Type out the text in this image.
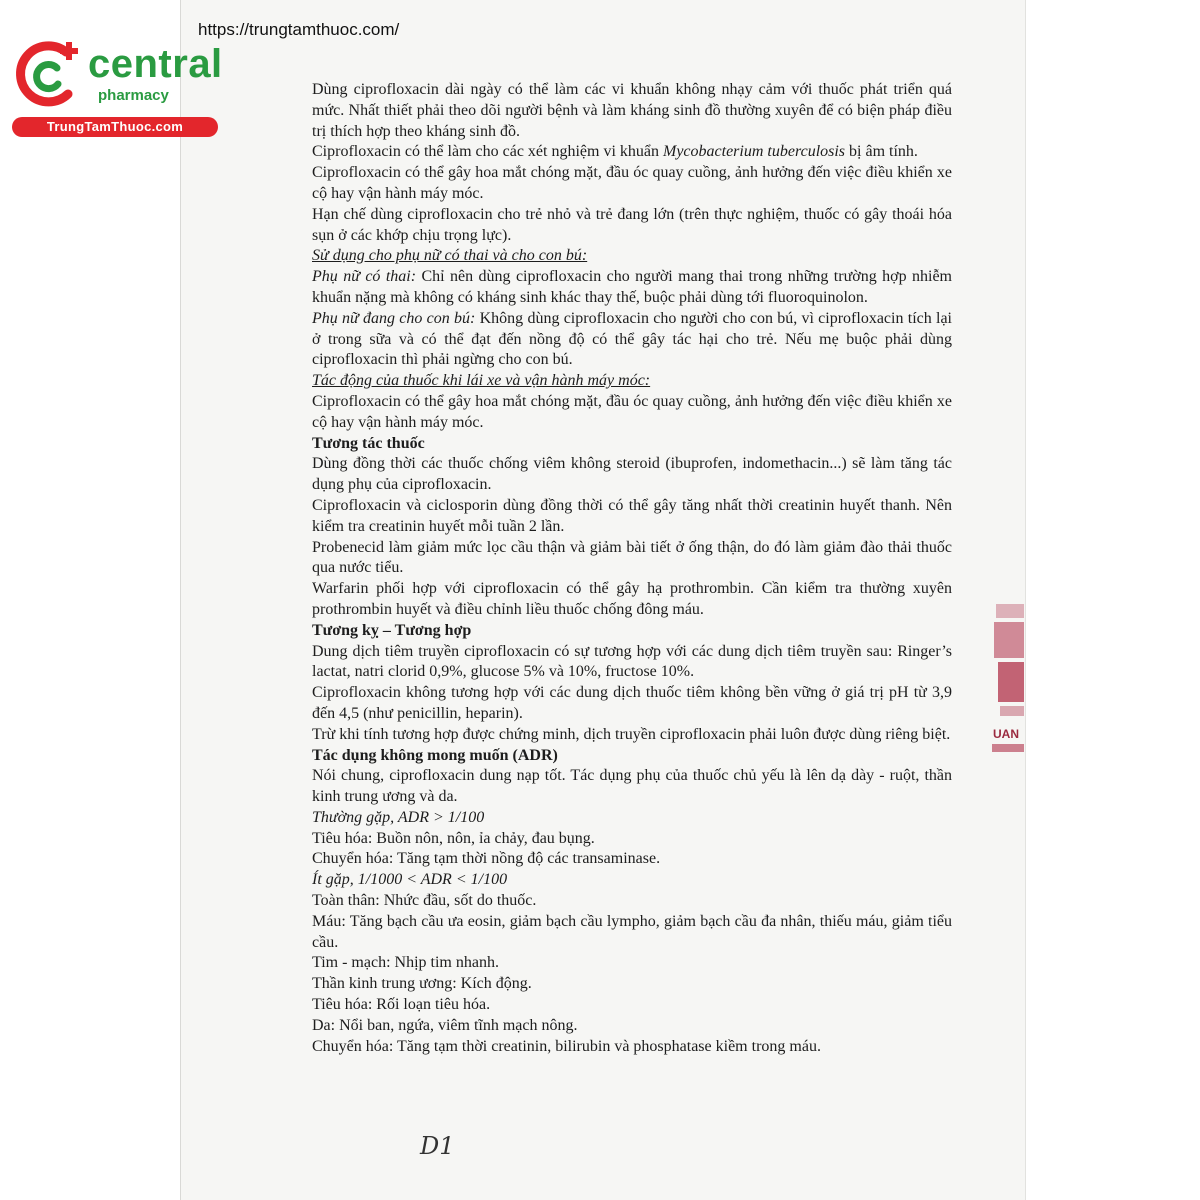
https://trungtamthuoc.com/
central
pharmacy
TrungTamThuoc.com

Dùng ciprofloxacin dài ngày có thể làm các vi khuẩn không nhạy cảm với thuốc phát triển quá mức. Nhất thiết phải theo dõi người bệnh và làm kháng sinh đồ thường xuyên để có biện pháp điều trị thích hợp theo kháng sinh đồ.

Ciprofloxacin có thể làm cho các xét nghiệm vi khuẩn Mycobacterium tuberculosis bị âm tính.

Ciprofloxacin có thể gây hoa mắt chóng mặt, đầu óc quay cuồng, ảnh hưởng đến việc điều khiển xe cộ hay vận hành máy móc.

Hạn chế dùng ciprofloxacin cho trẻ nhỏ và trẻ đang lớn (trên thực nghiệm, thuốc có gây thoái hóa sụn ở các khớp chịu trọng lực).

Sử dụng cho phụ nữ có thai và cho con bú:

Phụ nữ có thai: Chỉ nên dùng ciprofloxacin cho người mang thai trong những trường hợp nhiễm khuẩn nặng mà không có kháng sinh khác thay thế, buộc phải dùng tới fluoroquinolon.

Phụ nữ đang cho con bú: Không dùng ciprofloxacin cho người cho con bú, vì ciprofloxacin tích lại ở trong sữa và có thể đạt đến nồng độ có thể gây tác hại cho trẻ. Nếu mẹ buộc phải dùng ciprofloxacin thì phải ngừng cho con bú.

Tác động của thuốc khi lái xe và vận hành máy móc:

Ciprofloxacin có thể gây hoa mắt chóng mặt, đầu óc quay cuồng, ảnh hưởng đến việc điều khiển xe cộ hay vận hành máy móc.

Tương tác thuốc

Dùng đồng thời các thuốc chống viêm không steroid (ibuprofen, indomethacin...) sẽ làm tăng tác dụng phụ của ciprofloxacin.

Ciprofloxacin và ciclosporin dùng đồng thời có thể gây tăng nhất thời creatinin huyết thanh. Nên kiểm tra creatinin huyết mỗi tuần 2 lần.

Probenecid làm giảm mức lọc cầu thận và giảm bài tiết ở ống thận, do đó làm giảm đào thải thuốc qua nước tiểu.

Warfarin phối hợp với ciprofloxacin có thể gây hạ prothrombin. Cần kiểm tra thường xuyên prothrombin huyết và điều chỉnh liều thuốc chống đông máu.

Tương kỵ – Tương hợp

Dung dịch tiêm truyền ciprofloxacin có sự tương hợp với các dung dịch tiêm truyền sau: Ringer’s lactat, natri clorid 0,9%, glucose 5% và 10%, fructose 10%.

Ciprofloxacin không tương hợp với các dung dịch thuốc tiêm không bền vững ở giá trị pH từ 3,9 đến 4,5 (như penicillin, heparin).

Trừ khi tính tương hợp được chứng minh, dịch truyền ciprofloxacin phải luôn được dùng riêng biệt.

Tác dụng không mong muốn (ADR)

Nói chung, ciprofloxacin dung nạp tốt. Tác dụng phụ của thuốc chủ yếu là lên dạ dày - ruột, thần kinh trung ương và da.

Thường gặp, ADR > 1/100

Tiêu hóa: Buồn nôn, nôn, ỉa chảy, đau bụng.

Chuyển hóa: Tăng tạm thời nồng độ các transaminase.

Ít gặp, 1/1000 < ADR < 1/100

Toàn thân: Nhức đầu, sốt do thuốc.

Máu: Tăng bạch cầu ưa eosin, giảm bạch cầu lympho, giảm bạch cầu đa nhân, thiếu máu, giảm tiểu cầu.

Tim - mạch: Nhịp tim nhanh.

Thần kinh trung ương: Kích động.

Tiêu hóa: Rối loạn tiêu hóa.

Da: Nổi ban, ngứa, viêm tĩnh mạch nông.

Chuyển hóa: Tăng tạm thời creatinin, bilirubin và phosphatase kiềm trong máu.

UAN
D1
